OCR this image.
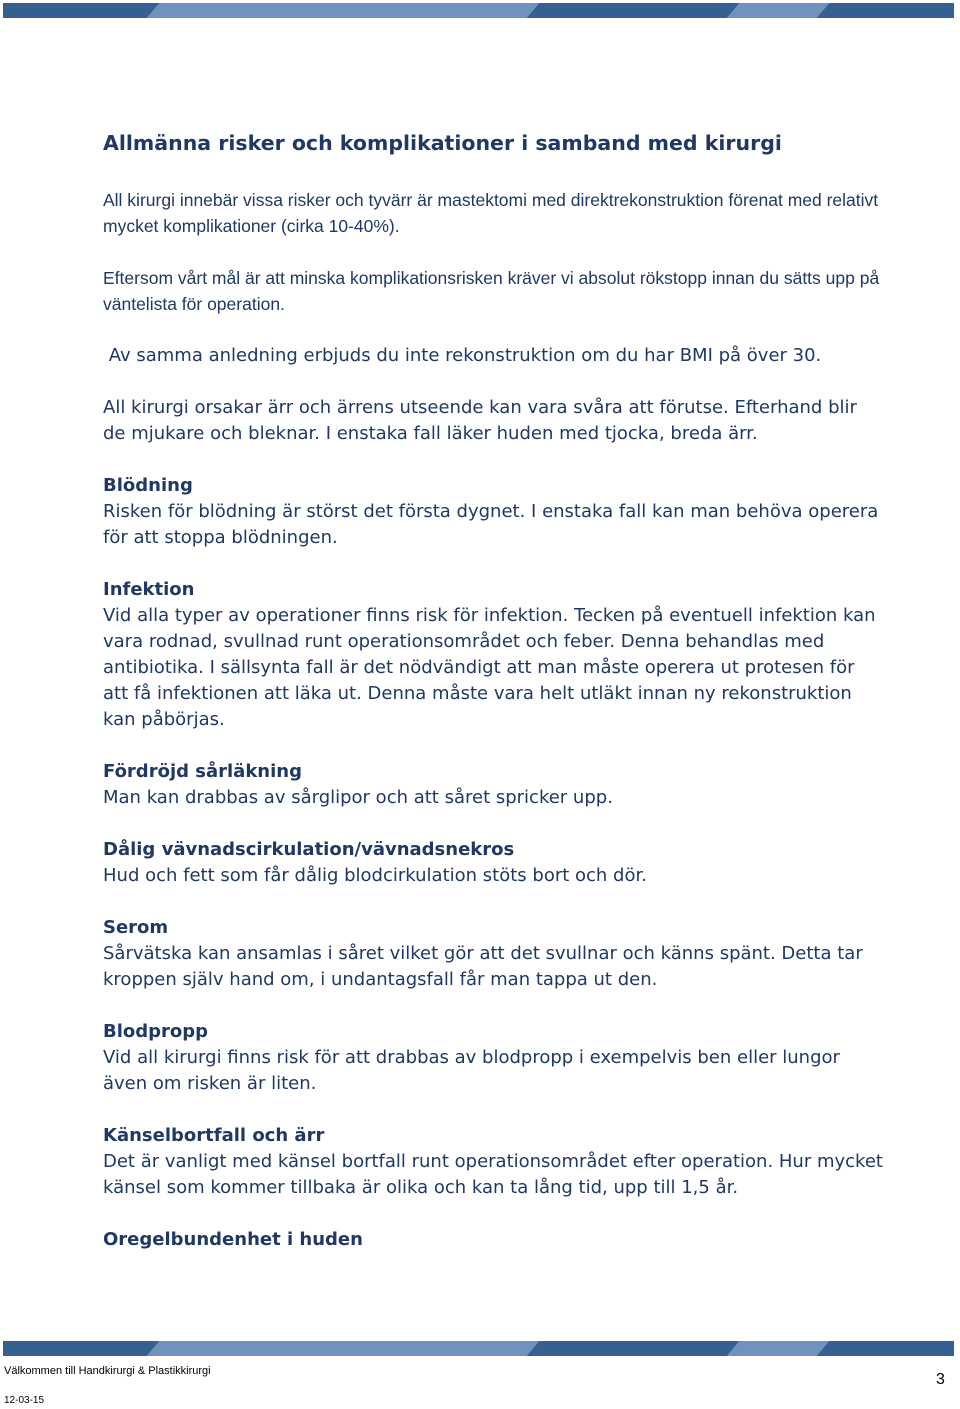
Allmänna risker och komplikationer i samband med kirurgi
All kirurgi innebär vissa risker och tyvärr är mastektomi med direktrekonstruktion förenat med relativt mycket komplikationer (cirka 10-40%).
Eftersom vårt mål är att minska komplikationsrisken kräver vi absolut rökstopp innan du sätts upp på väntelista för operation.
Av samma anledning erbjuds du inte rekonstruktion om du har BMI på över 30.
All kirurgi orsakar ärr och ärrens utseende kan vara svåra att förutse. Efterhand blir de mjukare och bleknar. I enstaka fall läker huden med tjocka, breda ärr.
Blödning
Risken för blödning är störst det första dygnet. I enstaka fall kan man behöva operera för att stoppa blödningen.
Infektion
Vid alla typer av operationer finns risk för infektion. Tecken på eventuell infektion kan vara rodnad, svullnad runt operationsområdet och feber. Denna behandlas med antibiotika. I sällsynta fall är det nödvändigt att man måste operera ut protesen för att få infektionen att läka ut. Denna måste vara helt utläkt innan ny rekonstruktion kan påbörjas.
Fördröjd sårläkning
Man kan drabbas av sårglipor och att såret spricker upp.
Dålig vävnadscirkulation/vävnadsnekros
Hud och fett som får dålig blodcirkulation stöts bort och dör.
Serom
Sårvätska kan ansamlas i såret vilket gör att det svullnar och känns spänt. Detta tar kroppen själv hand om, i undantagsfall får man tappa ut den.
Blodpropp
Vid all kirurgi finns risk för att drabbas av blodpropp i exempelvis ben eller lungor även om risken är liten.
Känselbortfall och ärr
Det är vanligt med känsel bortfall runt operationsområdet efter operation. Hur mycket känsel som kommer tillbaka är olika och kan ta lång tid, upp till 1,5 år.
Oregelbundenhet i huden
Välkommen till Handkirurgi & Plastikkirurgi
12-03-15
3
